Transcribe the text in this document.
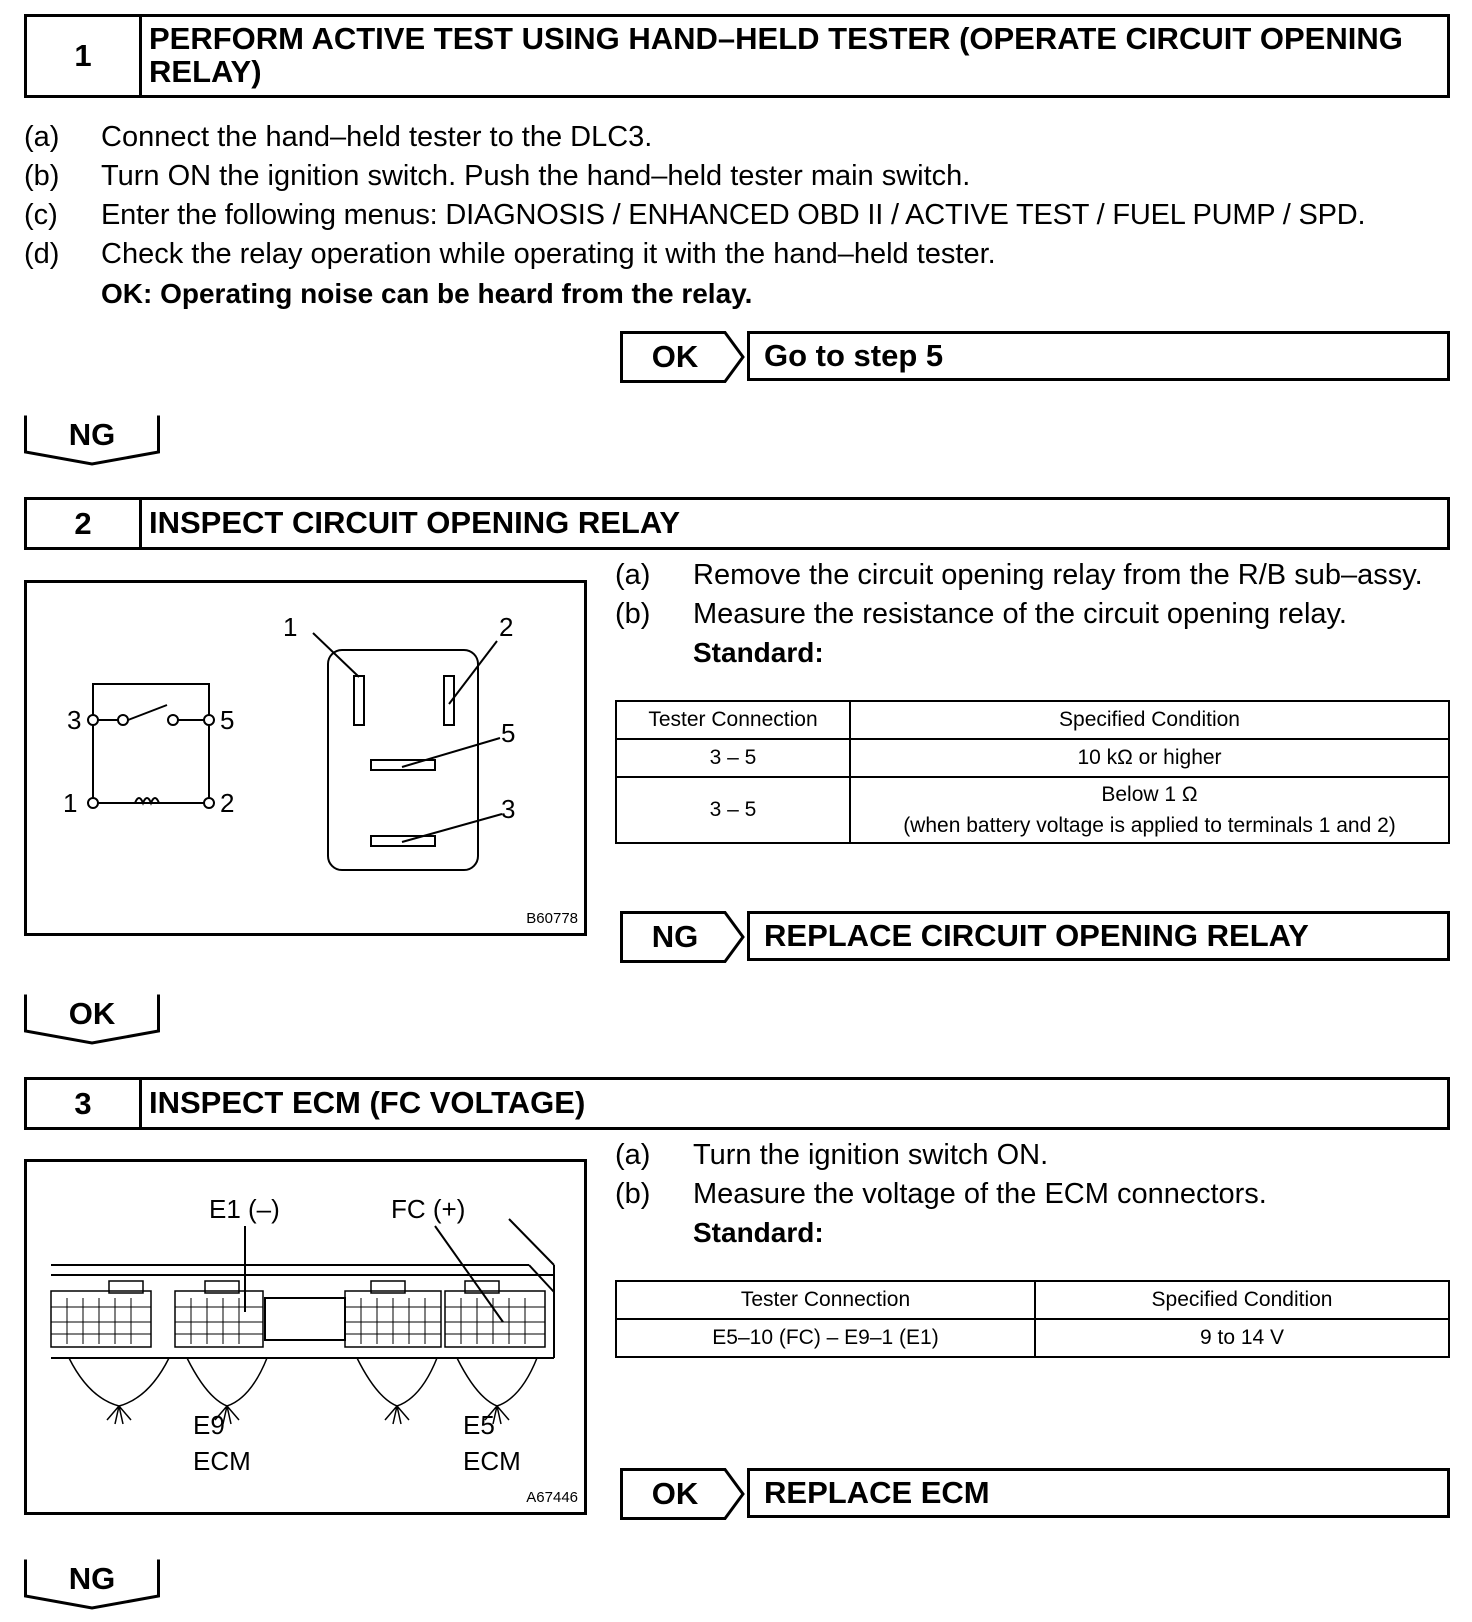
1	PERFORM ACTIVE TEST USING HAND–HELD TESTER (OPERATE CIRCUIT OPENING RELAY)
(a) Connect the hand–held tester to the DLC3.
(b) Turn ON the ignition switch. Push the hand–held tester main switch.
(c) Enter the following menus: DIAGNOSIS / ENHANCED OBD II / ACTIVE TEST / FUEL PUMP / SPD.
(d) Check the relay operation while operating it with the hand–held tester.
OK: Operating noise can be heard from the relay.
OK	Go to step 5
NG
2	INSPECT CIRCUIT OPENING RELAY
3	5
1	2
1	2
5
3
B60778
(a) Remove the circuit opening relay from the R/B sub–assy.
(b) Measure the resistance of the circuit opening relay.
Standard:
Tester Connection	Specified Condition
3 – 5	10 kΩ or higher
3 – 5	Below 1 Ω
(when battery voltage is applied to terminals 1 and 2)
NG	REPLACE CIRCUIT OPENING RELAY
OK
3	INSPECT ECM (FC VOLTAGE)
E1 (–)	FC (+)
E9
ECM
E5
ECM
A67446
(a) Turn the ignition switch ON.
(b) Measure the voltage of the ECM connectors.
Standard:
Tester Connection	Specified Condition
E5–10 (FC) – E9–1 (E1)	9 to 14 V
OK	REPLACE ECM
NG
